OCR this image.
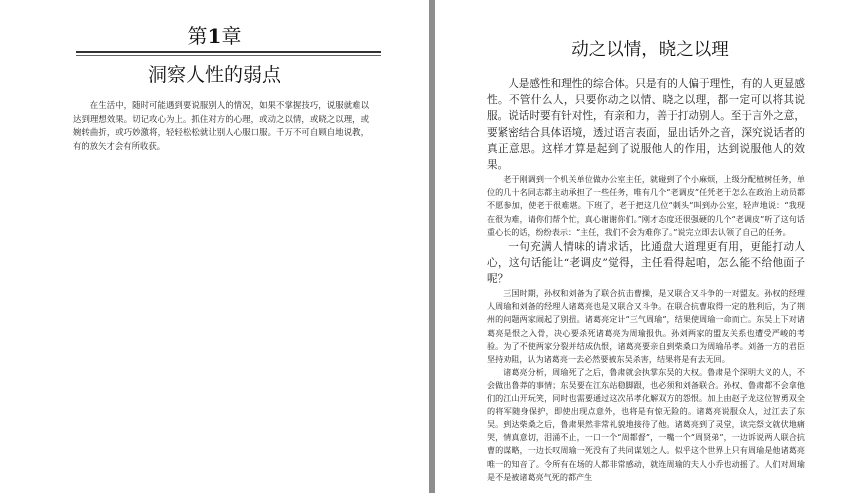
第1章
洞察人性的弱点

在生活中，随时可能遇到要说服别人的情况，如果不掌握技巧，说服就难以达到理想效果。切记攻心为上。抓住对方的心理，或动之以情，或晓之以理，或婉转曲折，或巧妙激将，轻轻松松就让别人心服口服。千万不可自顾自地说教，有的放矢才会有所收获。

动之以情，晓之以理

人是感性和理性的综合体。只是有的人偏于理性，有的人更显感性。不管什么人，只要你动之以情、晓之以理，都一定可以将其说服。说话时要有针对性，有亲和力，善于打动别人。至于言外之意，要紧密结合具体语境，透过语言表面，显出话外之音，深究说话者的真正意思。这样才算是起到了说服他人的作用，达到说服他人的效果。

老于刚调到一个机关单位做办公室主任，就碰到了个小麻烦，上级分配植树任务，单位的几十名同志都主动承担了一些任务，唯有几个“老调皮”任凭老于怎么在政治上动员都不愿参加，使老于很难堪。下班了，老于把这几位“刺头”叫到办公室，轻声地说：“我现在很为难，请你们帮个忙，真心谢谢你们。”刚才态度还很强硬的几个“老调皮”听了这句话重心长的话，纷纷表示：“主任，我们不会为难你了。”说完立即去认领了自己的任务。

一句充满人情味的请求话，比通盘大道理更有用，更能打动人心，这句话能让“老调皮”觉得，主任看得起咱，怎么能不给他面子呢？

三国时期，孙权和刘备为了联合抗击曹操，是又联合又斗争的一对盟友。孙权的经理人周瑜和刘备的经理人诸葛亮也是又联合又斗争。在联合抗曹取得一定的胜利后，为了荆州的问题两家闹起了别扭。诸葛亮定计“三气周瑜”，结果使周瑜一命而亡。东吴上下对诸葛亮是恨之入骨，决心要杀死诸葛亮为周瑜报仇。孙刘两家的盟友关系也遭受严峻的考验。为了不使两家分裂并结成仇恨，诸葛亮要亲自到柴桑口为周瑜吊孝。刘备一方的君臣坚持劝阻，认为诸葛亮一去必然要被东吴杀害，结果将是有去无回。

诸葛亮分析，周瑜死了之后，鲁肃就会执掌东吴的大权。鲁肃是个深明大义的人，不会做出鲁莽的事情；东吴要在江东站稳脚跟，也必须和刘备联合。孙权、鲁肃都不会拿他们的江山开玩笑，同时也需要通过这次吊孝化解双方的怨恨。加上由赵子龙这位智勇双全的将军随身保护，即使出现点意外，也将是有惊无险的。诸葛亮说服众人，过江去了东吴。到达柴桑之后，鲁肃果然非常礼貌地接待了他。诸葛亮到了灵堂，读完祭文就伏地痛哭，情真意切，泪涌不止，一口一个“周都督”，一嘴一个“周贤弟”，一边诉说两人联合抗曹的谋略，一边长叹周瑜一死没有了共同谋划之人。似乎这个世界上只有周瑜是他诸葛亮唯一的知音了。令所有在场的人都非常感动，就连周瑜的夫人小乔也动摇了。人们对周瑜是不是被诸葛亮气死的都产生
